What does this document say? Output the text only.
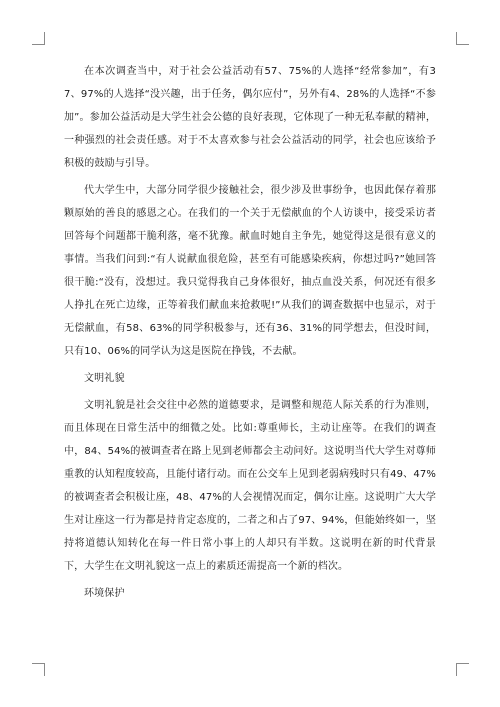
在本次调查当中，对于社会公益活动有57、75%的人选择“经常参加”，有37、97%的人选择“没兴趣，出于任务，偶尔应付”，另外有4、28%的人选择“不参加”。参加公益活动是大学生社会公德的良好表现，它体现了一种无私奉献的精神，一种强烈的社会责任感。对于不太喜欢参与社会公益活动的同学，社会也应该给予积极的鼓励与引导。

代大学生中，大部分同学很少接触社会，很少涉及世事纷争，也因此保存着那颗原始的善良的感恩之心。在我们的一个关于无偿献血的个人访谈中，接受采访者回答每个问题都干脆利落，毫不犹豫。献血时她自主争先，她觉得这是很有意义的事情。当我们问到:“有人说献血很危险，甚至有可能感染疾病，你想过吗?”她回答很干脆:“没有，没想过。我只觉得我自己身体很好，抽点血没关系，何况还有很多人挣扎在死亡边缘，正等着我们献血来抢救呢!”从我们的调查数据中也显示，对于无偿献血，有58、63%的同学积极参与，还有36、31%的同学想去，但没时间，只有10、06%的同学认为这是医院在挣钱，不去献。

文明礼貌

文明礼貌是社会交往中必然的道德要求，是调整和规范人际关系的行为准则，而且体现在日常生活中的细微之处。比如:尊重师长，主动让座等。在我们的调查中，84、54%的被调查者在路上见到老师都会主动问好。这说明当代大学生对尊师重教的认知程度较高，且能付诸行动。而在公交车上见到老弱病残时只有49、47%的被调查者会积极让座，48、47%的人会视情况而定，偶尔让座。这说明广大大学生对让座这一行为都是持肯定态度的，二者之和占了97、94%，但能始终如一，坚持将道德认知转化在每一件日常小事上的人却只有半数。这说明在新的时代背景下，大学生在文明礼貌这一点上的素质还需提高一个新的档次。

环境保护
